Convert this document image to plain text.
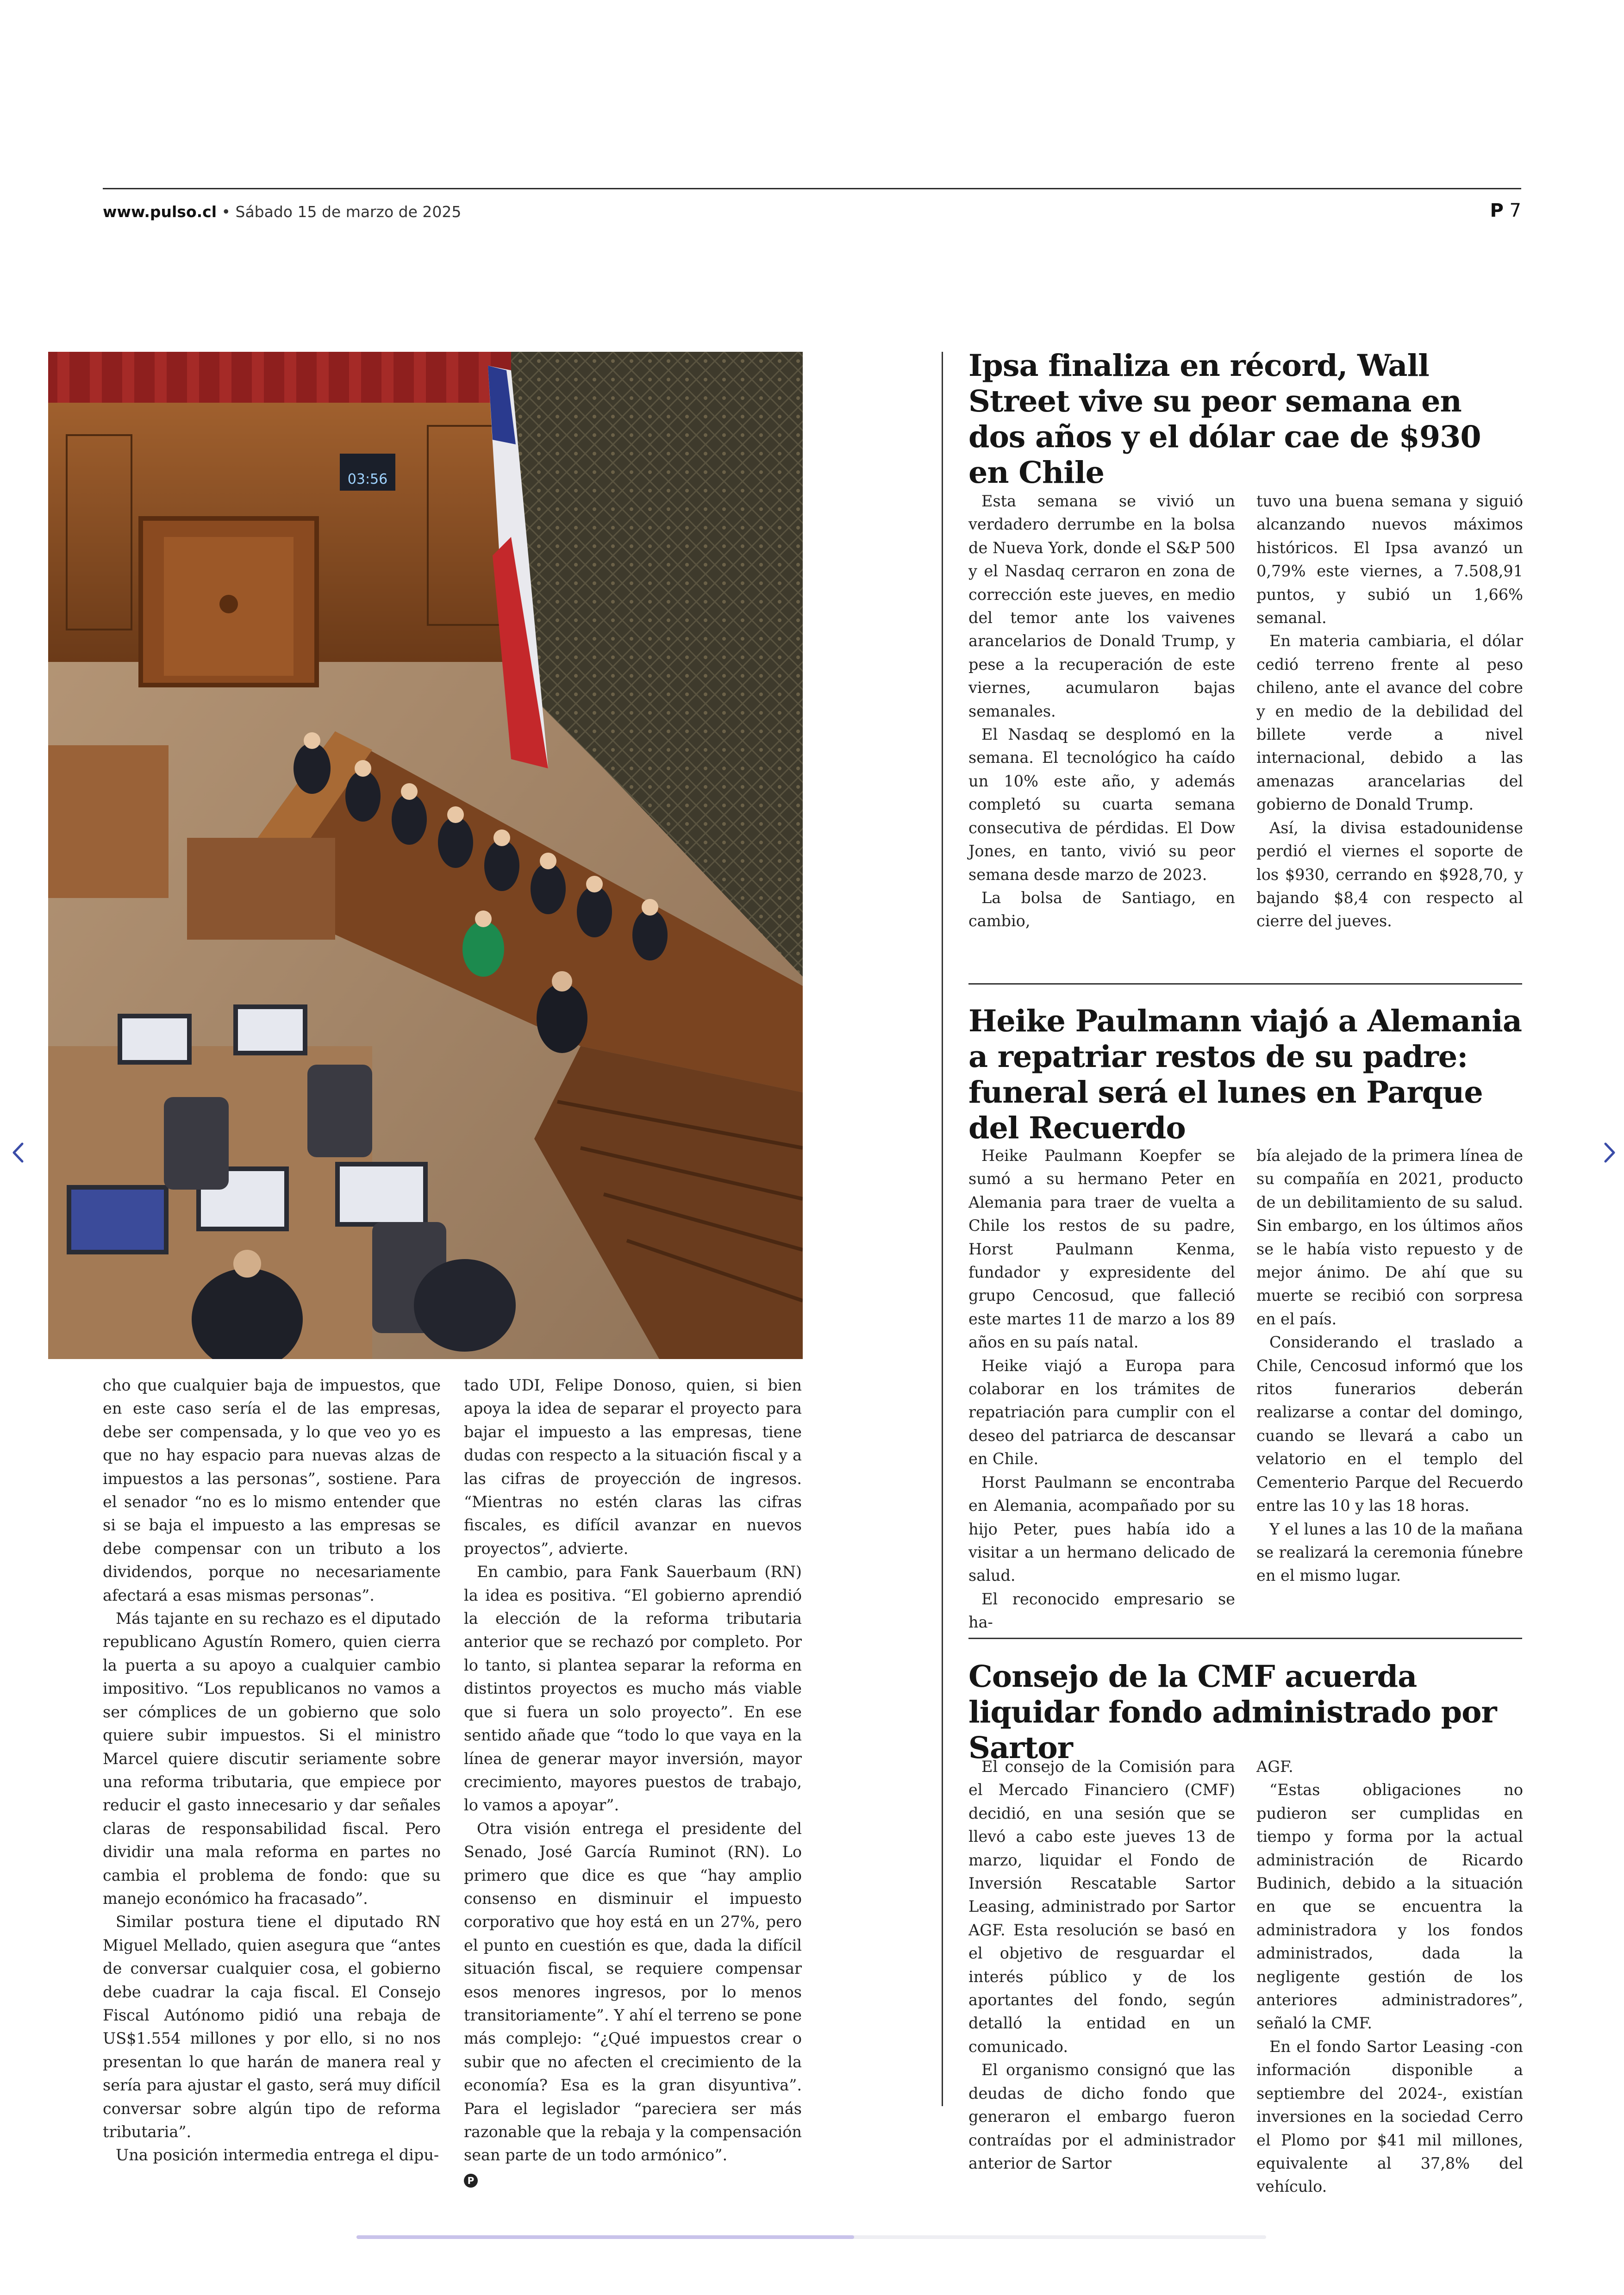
www.pulso.cl • Sábado 15 de marzo de 2025	P 7
03:56

cho que cualquier baja de impuestos, que en este caso sería el de las empresas, debe ser compensada, y lo que veo yo es que no hay espacio para nuevas alzas de impuestos a las personas”, sostiene. Para el senador “no es lo mismo entender que si se baja el impuesto a las empresas se debe compensar con un tributo a los dividendos, porque no necesariamente afectará a esas mismas personas”.

Más tajante en su rechazo es el diputado republicano Agustín Romero, quien cierra la puerta a su apoyo a cualquier cambio impositivo. “Los republicanos no vamos a ser cómplices de un gobierno que solo quiere subir impuestos. Si el ministro Marcel quiere discutir seriamente sobre una reforma tributaria, que empiece por reducir el gasto innecesario y dar señales claras de responsabilidad fiscal. Pero dividir una mala reforma en partes no cambia el problema de fondo: que su manejo económico ha fracasado”.

Similar postura tiene el diputado RN Miguel Mellado, quien asegura que “antes de conversar cualquier cosa, el gobierno debe cuadrar la caja fiscal. El Consejo Fiscal Autónomo pidió una rebaja de US$1.554 millones y por ello, si no nos presentan lo que harán de manera real y sería para ajustar el gasto, será muy difícil conversar sobre algún tipo de reforma tributaria”.

Una posición intermedia entrega el dipu-

tado UDI, Felipe Donoso, quien, si bien apoya la idea de separar el proyecto para bajar el impuesto a las empresas, tiene dudas con respecto a la situación fiscal y a las cifras de proyección de ingresos. “Mientras no estén claras las cifras fiscales, es difícil avanzar en nuevos proyectos”, advierte.

En cambio, para Fank Sauerbaum (RN) la idea es positiva. “El gobierno aprendió la elección de la reforma tributaria anterior que se rechazó por completo. Por lo tanto, si plantea separar la reforma en distintos proyectos es mucho más viable que si fuera un solo proyecto”. En ese sentido añade que “todo lo que vaya en la línea de generar mayor inversión, mayor crecimiento, mayores puestos de trabajo, lo vamos a apoyar”.

Otra visión entrega el presidente del Senado, José García Ruminot (RN). Lo primero que dice es que “hay amplio consenso en disminuir el impuesto corporativo que hoy está en un 27%, pero el punto en cuestión es que, dada la difícil situación fiscal, se requiere compensar esos menores ingresos, por lo menos transitoriamente”. Y ahí el terreno se pone más complejo: “¿Qué impuestos crear o subir que no afecten el crecimiento de la economía? Esa es la gran disyuntiva”. Para el legislador “pareciera ser más razonable que la rebaja y la compensación sean parte de un todo armónico”.

P
Ipsa finaliza en récord, Wall Street vive su peor semana en dos años y el dólar cae de $930 en Chile

Esta semana se vivió un verdadero derrumbe en la bolsa de Nueva York, donde el S&P 500 y el Nasdaq cerraron en zona de corrección este jueves, en medio del temor ante los vaivenes arancelarios de Donald Trump, y pese a la recuperación de este viernes, acumularon bajas semanales.

El Nasdaq se desplomó en la semana. El tecnológico ha caído un 10% este año, y además completó su cuarta semana consecutiva de pérdidas. El Dow Jones, en tanto, vivió su peor semana desde marzo de 2023.

La bolsa de Santiago, en cambio,

tuvo una buena semana y siguió alcanzando nuevos máximos históricos. El Ipsa avanzó un 0,79% este viernes, a 7.508,91 puntos, y subió un 1,66% semanal.

En materia cambiaria, el dólar cedió terreno frente al peso chileno, ante el avance del cobre y en medio de la debilidad del billete verde a nivel internacional, debido a las amenazas arancelarias del gobierno de Donald Trump.

Así, la divisa estadounidense perdió el viernes el soporte de los $930, cerrando en $928,70, y bajando $8,4 con respecto al cierre del jueves.

Heike Paulmann viajó a Alemania a repatriar restos de su padre: funeral será el lunes en Parque del Recuerdo

Heike Paulmann Koepfer se sumó a su hermano Peter en Alemania para traer de vuelta a Chile los restos de su padre, Horst Paulmann Kenma, fundador y expresidente del grupo Cencosud, que falleció este martes 11 de marzo a los 89 años en su país natal.

Heike viajó a Europa para colaborar en los trámites de repatriación para cumplir con el deseo del patriarca de descansar en Chile.

Horst Paulmann se encontraba en Alemania, acompañado por su hijo Peter, pues había ido a visitar a un hermano delicado de salud.

El reconocido empresario se ha-

bía alejado de la primera línea de su compañía en 2021, producto de un debilitamiento de su salud. Sin embargo, en los últimos años se le había visto repuesto y de mejor ánimo. De ahí que su muerte se recibió con sorpresa en el país.

Considerando el traslado a Chile, Cencosud informó que los ritos funerarios deberán realizarse a contar del domingo, cuando se llevará a cabo un velatorio en el templo del Cementerio Parque del Recuerdo entre las 10 y las 18 horas.

Y el lunes a las 10 de la mañana se realizará la ceremonia fúnebre en el mismo lugar.

Consejo de la CMF acuerda liquidar fondo administrado por Sartor

El consejo de la Comisión para el Mercado Financiero (CMF) decidió, en una sesión que se llevó a cabo este jueves 13 de marzo, liquidar el Fondo de Inversión Rescatable Sartor Leasing, administrado por Sartor AGF. Esta resolución se basó en el objetivo de resguardar el interés público y de los aportantes del fondo, según detalló la entidad en un comunicado.

El organismo consignó que las deudas de dicho fondo que generaron el embargo fueron contraídas por el administrador anterior de Sartor

AGF.

“Estas obligaciones no pudieron ser cumplidas en tiempo y forma por la actual administración de Ricardo Budinich, debido a la situación en que se encuentra la administradora y los fondos administrados, dada la negligente gestión de los anteriores administradores”, señaló la CMF.

En el fondo Sartor Leasing -con información disponible a septiembre del 2024-, existían inversiones en la sociedad Cerro el Plomo por $41 mil millones, equivalente al 37,8% del vehículo.
